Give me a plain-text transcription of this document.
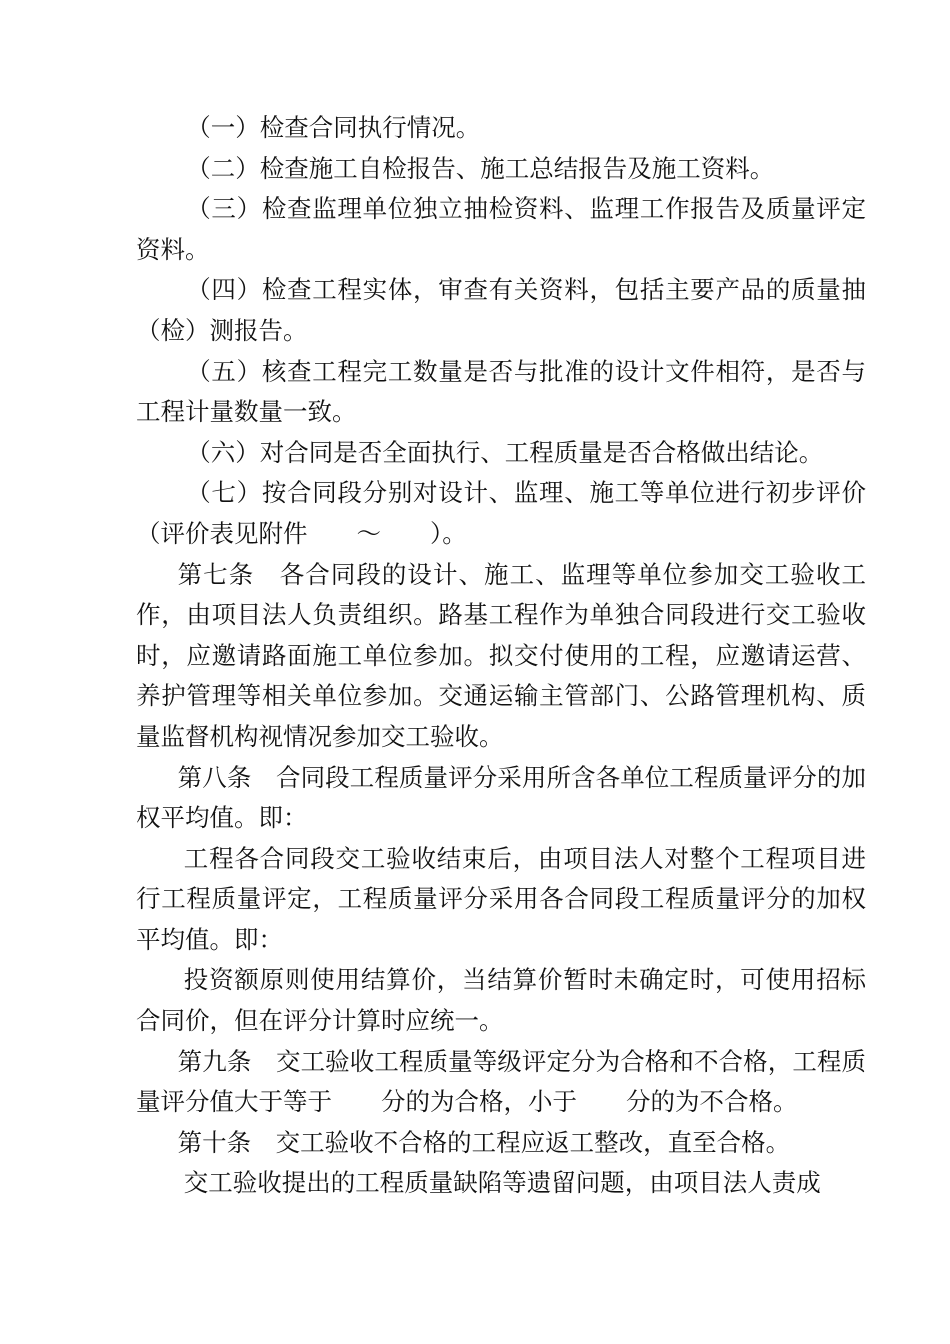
（一）检查合同执行情况。

（二）检查施工自检报告、施工总结报告及施工资料。

（三）检查监理单位独立抽检资料、监理工作报告及质量评定资料。

（四）检查工程实体，审查有关资料，包括主要产品的质量抽（检）测报告。

（五）核查工程完工数量是否与批准的设计文件相符，是否与工程计量数量一致。

（六）对合同是否全面执行、工程质量是否合格做出结论。

（七）按合同段分别对设计、监理、施工等单位进行初步评价（评价表见附件　　～　　）。

第七条　各合同段的设计、施工、监理等单位参加交工验收工作，由项目法人负责组织。路基工程作为单独合同段进行交工验收时，应邀请路面施工单位参加。拟交付使用的工程，应邀请运营、养护管理等相关单位参加。交通运输主管部门、公路管理机构、质量监督机构视情况参加交工验收。

第八条　合同段工程质量评分采用所含各单位工程质量评分的加权平均值。即：

工程各合同段交工验收结束后，由项目法人对整个工程项目进行工程质量评定，工程质量评分采用各合同段工程质量评分的加权平均值。即：

投资额原则使用结算价，当结算价暂时未确定时，可使用招标合同价，但在评分计算时应统一。

第九条　交工验收工程质量等级评定分为合格和不合格，工程质量评分值大于等于　　分的为合格，小于　　分的为不合格。

第十条　交工验收不合格的工程应返工整改，直至合格。

交工验收提出的工程质量缺陷等遗留问题，由项目法人责成
